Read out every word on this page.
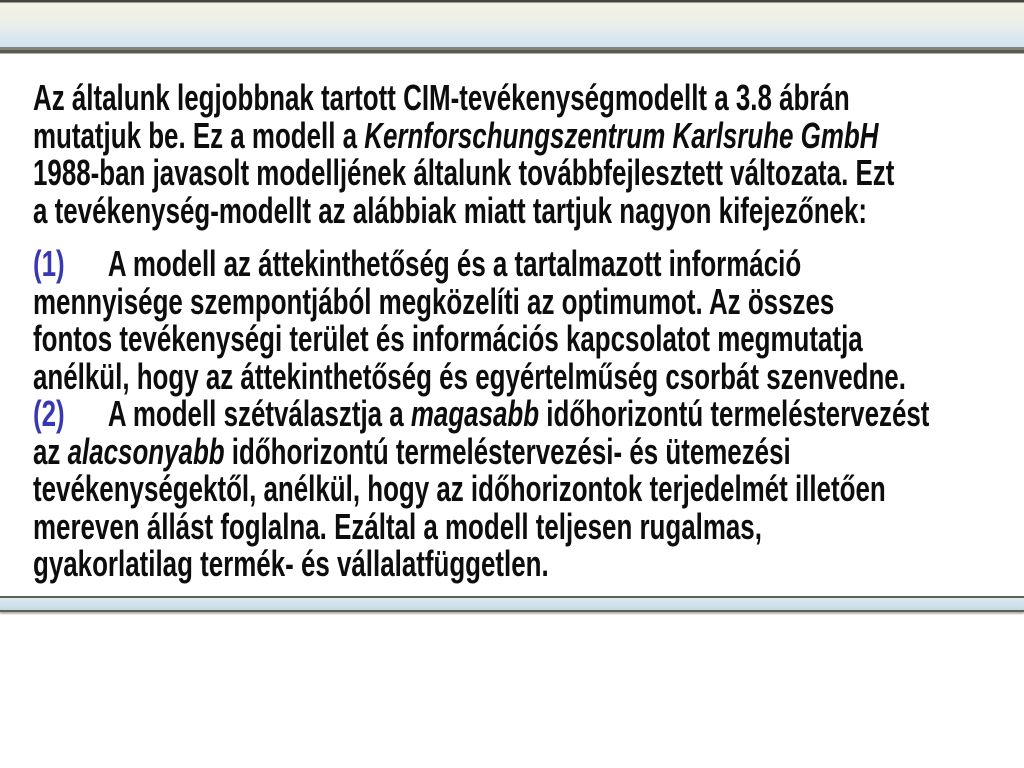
Az általunk legjobbnak tartott CIM-tevékenységmodellt a 3.8 ábrán
mutatjuk be. Ez a modell a Kernforschungszentrum Karlsruhe GmbH
1988-ban javasolt modelljének általunk továbbfejlesztett változata. Ezt
a tevékenység-modellt az alábbiak miatt tartjuk nagyon kifejezőnek:
(1) A modell az áttekinthetőség és a tartalmazott információ
mennyisége szempontjából megközelíti az optimumot. Az összes
fontos tevékenységi terület és információs kapcsolatot megmutatja
anélkül, hogy az áttekinthetőség és egyértelműség csorbát szenvedne.
(2) A modell szétválasztja a magasabb időhorizontú termeléstervezést
az alacsonyabb időhorizontú termeléstervezési- és ütemezési
tevékenységektől, anélkül, hogy az időhorizontok terjedelmét illetően
mereven állást foglalna. Ezáltal a modell teljesen rugalmas,
gyakorlatilag termék- és vállalatfüggetlen.
